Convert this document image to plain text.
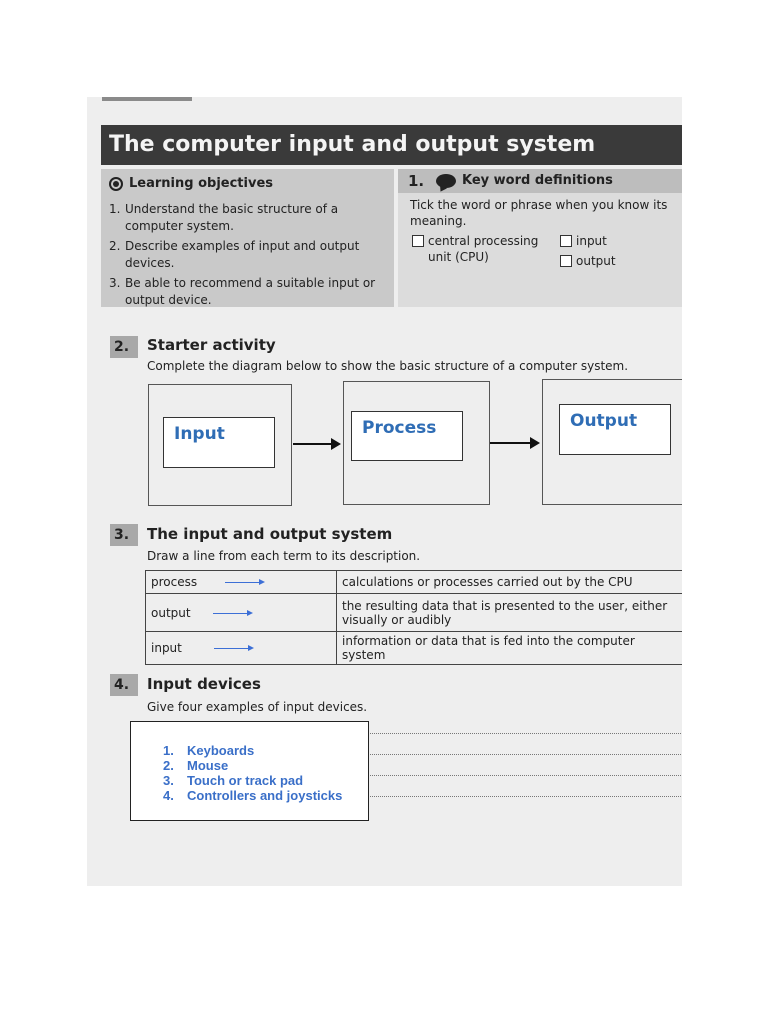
The computer input and output system
Learning objectives
1. Understand the basic structure of a computer system.
2. Describe examples of input and output devices.
3. Be able to recommend a suitable input or output device.
1.	Key word definitions
Tick the word or phrase when you know its meaning.
central processing unit (CPU)
input
output
2.	Starter activity
Complete the diagram below to show the basic structure of a computer system.
Input	Process	Output
3.	The input and output system
Draw a line from each term to its description.
process	calculations or processes carried out by the CPU
output	the resulting data that is presented to the user, either visually or audibly
input	information or data that is fed into the computer system
4.	Input devices
Give four examples of input devices.
1.	Keyboards
2.	Mouse
3.	Touch or track pad
4.	Controllers and joysticks
